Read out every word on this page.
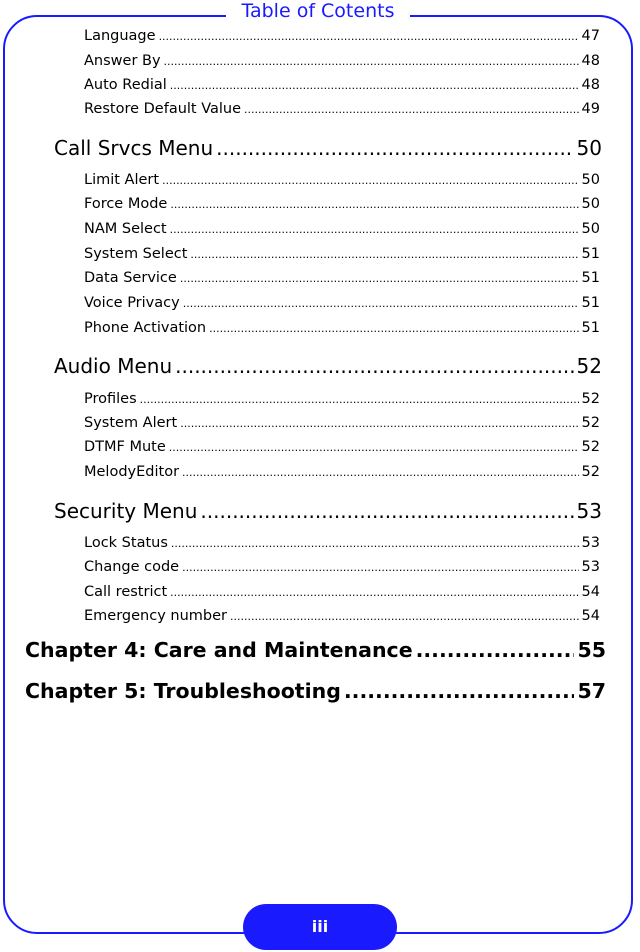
Table of Cotents
Language .....	47
Answer By .....	48
Auto Redial .....	48
Restore Default Value .....	49
Call Srvcs Menu .....	50
Limit Alert .....	50
Force Mode .....	50
NAM Select .....	50
System Select .....	51
Data Service .....	51
Voice Privacy .....	51
Phone Activation .....	51
Audio Menu .....	52
Profiles .....	52
System Alert .....	52
DTMF Mute .....	52
MelodyEditor .....	52
Security Menu .....	53
Lock Status .....	53
Change code .....	53
Call restrict .....	54
Emergency number .....	54
Chapter 4: Care and Maintenance .....	55
Chapter 5: Troubleshooting .....	57
iii
